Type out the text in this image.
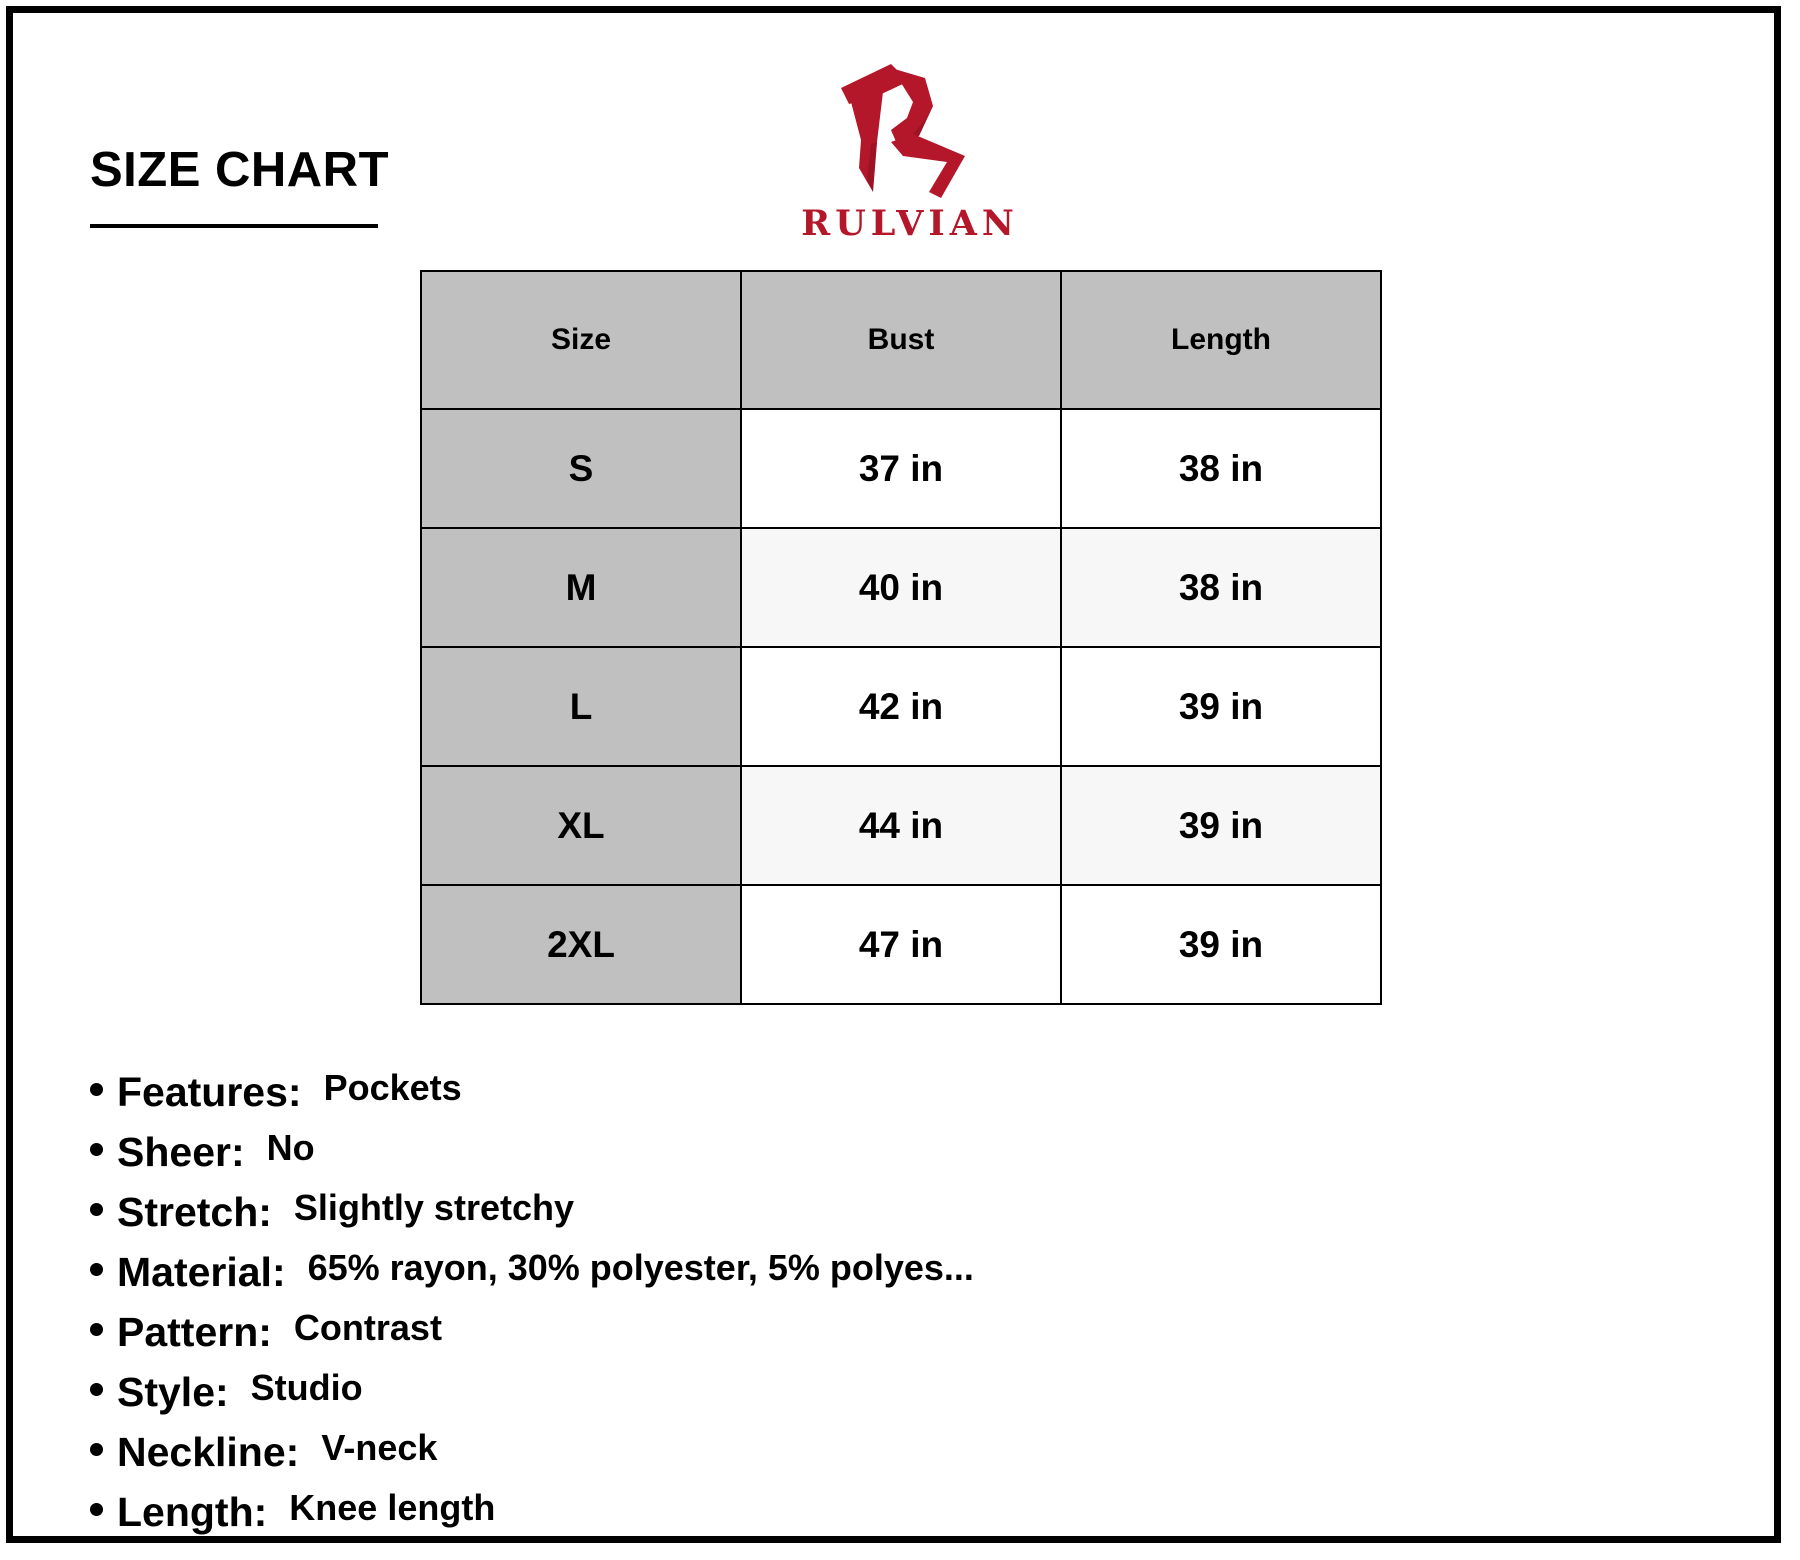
SIZE CHART
RULVIAN
Size	Bust	Length
S	37 in	38 in
M	40 in	38 in
L	42 in	39 in
XL	44 in	39 in
2XL	47 in	39 in
Features: Pockets
Sheer: No
Stretch: Slightly stretchy
Material: 65% rayon, 30% polyester, 5% polyes...
Pattern: Contrast
Style: Studio
Neckline: V-neck
Length: Knee length
